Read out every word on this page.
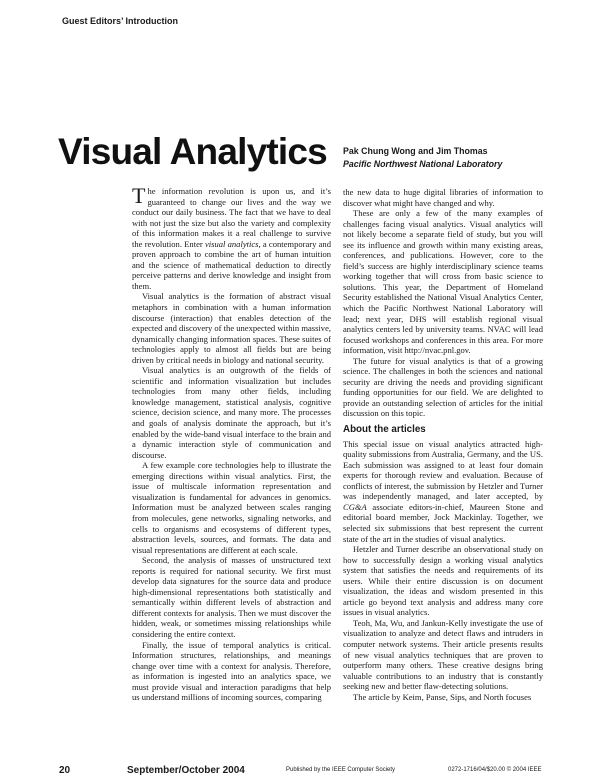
Guest Editors’ Introduction
Visual Analytics Pak Chung Wong and Jim Thomas
Pacific Northwest National Laboratory

The information revolution is upon us, and it’s guaranteed to change our lives and the way we conduct our daily business. The fact that we have to deal with not just the size but also the variety and complexity of this information makes it a real challenge to survive the revolution. Enter visual analytics, a contemporary and proven approach to combine the art of human intuition and the science of mathematical deduction to directly perceive patterns and derive knowledge and insight from them.

Visual analytics is the formation of abstract visual metaphors in combination with a human information discourse (interaction) that enables detection of the expected and discovery of the unexpected within massive, dynamically changing information spaces. These suites of technologies apply to almost all fields but are being driven by critical needs in biology and national security.

Visual analytics is an outgrowth of the fields of scientific and information visualization but includes technologies from many other fields, including knowledge management, statistical analysis, cognitive science, decision science, and many more. The processes and goals of analysis dominate the approach, but it’s enabled by the wide-band visual interface to the brain and a dynamic interaction style of communication and discourse.

A few example core technologies help to illustrate the emerging directions within visual analytics. First, the issue of multiscale information representation and visualization is fundamental for advances in genomics. Information must be analyzed between scales ranging from molecules, gene networks, signaling networks, and cells to organisms and ecosystems of different types, abstraction levels, sources, and formats. The data and visual representations are different at each scale.

Second, the analysis of masses of unstructured text reports is required for national security. We first must develop data signatures for the source data and produce high-dimensional representations both statistically and semantically within different levels of abstraction and different contexts for analysis. Then we must discover the hidden, weak, or sometimes missing relationships while considering the entire context.

Finally, the issue of temporal analytics is critical. Information structures, relationships, and meanings change over time with a context for analysis. Therefore, as information is ingested into an analytics space, we must provide visual and interaction paradigms that help us understand millions of incoming sources, comparing

the new data to huge digital libraries of information to discover what might have changed and why.

These are only a few of the many examples of challenges facing visual analytics. Visual analytics will not likely become a separate field of study, but you will see its influence and growth within many existing areas, conferences, and publications. However, core to the field’s success are highly interdisciplinary science teams working together that will cross from basic science to solutions. This year, the Department of Homeland Security established the National Visual Analytics Center, which the Pacific Northwest National Laboratory will lead; next year, DHS will establish regional visual analytics centers led by university teams. NVAC will lead focused workshops and conferences in this area. For more information, visit http://nvac.pnl.gov.

The future for visual analytics is that of a growing science. The challenges in both the sciences and national security are driving the needs and providing significant funding opportunities for our field. We are delighted to provide an outstanding selection of articles for the initial discussion on this topic.

About the articles

This special issue on visual analytics attracted high-quality submissions from Australia, Germany, and the US. Each submission was assigned to at least four domain experts for thorough review and evaluation. Because of conflicts of interest, the submission by Hetzler and Turner was independently managed, and later accepted, by CG&A associate editors-in-chief, Maureen Stone and editorial board member, Jock Mackinlay. Together, we selected six submissions that best represent the current state of the art in the studies of visual analytics.

Hetzler and Turner describe an observational study on how to successfully design a working visual analytics system that satisfies the needs and requirements of its users. While their entire discussion is on document visualization, the ideas and wisdom presented in this article go beyond text analysis and address many core issues in visual analytics.

Teoh, Ma, Wu, and Jankun-Kelly investigate the use of visualization to analyze and detect flaws and intruders in computer network systems. Their article presents results of new visual analytics techniques that are proven to outperform many others. These creative designs bring valuable contributions to an industry that is constantly seeking new and better flaw-detecting solutions.

The article by Keim, Panse, Sips, and North focuses

20	September/October 2004	Published by the IEEE Computer Society	0272-1716/04/$20.00 © 2004 IEEE
